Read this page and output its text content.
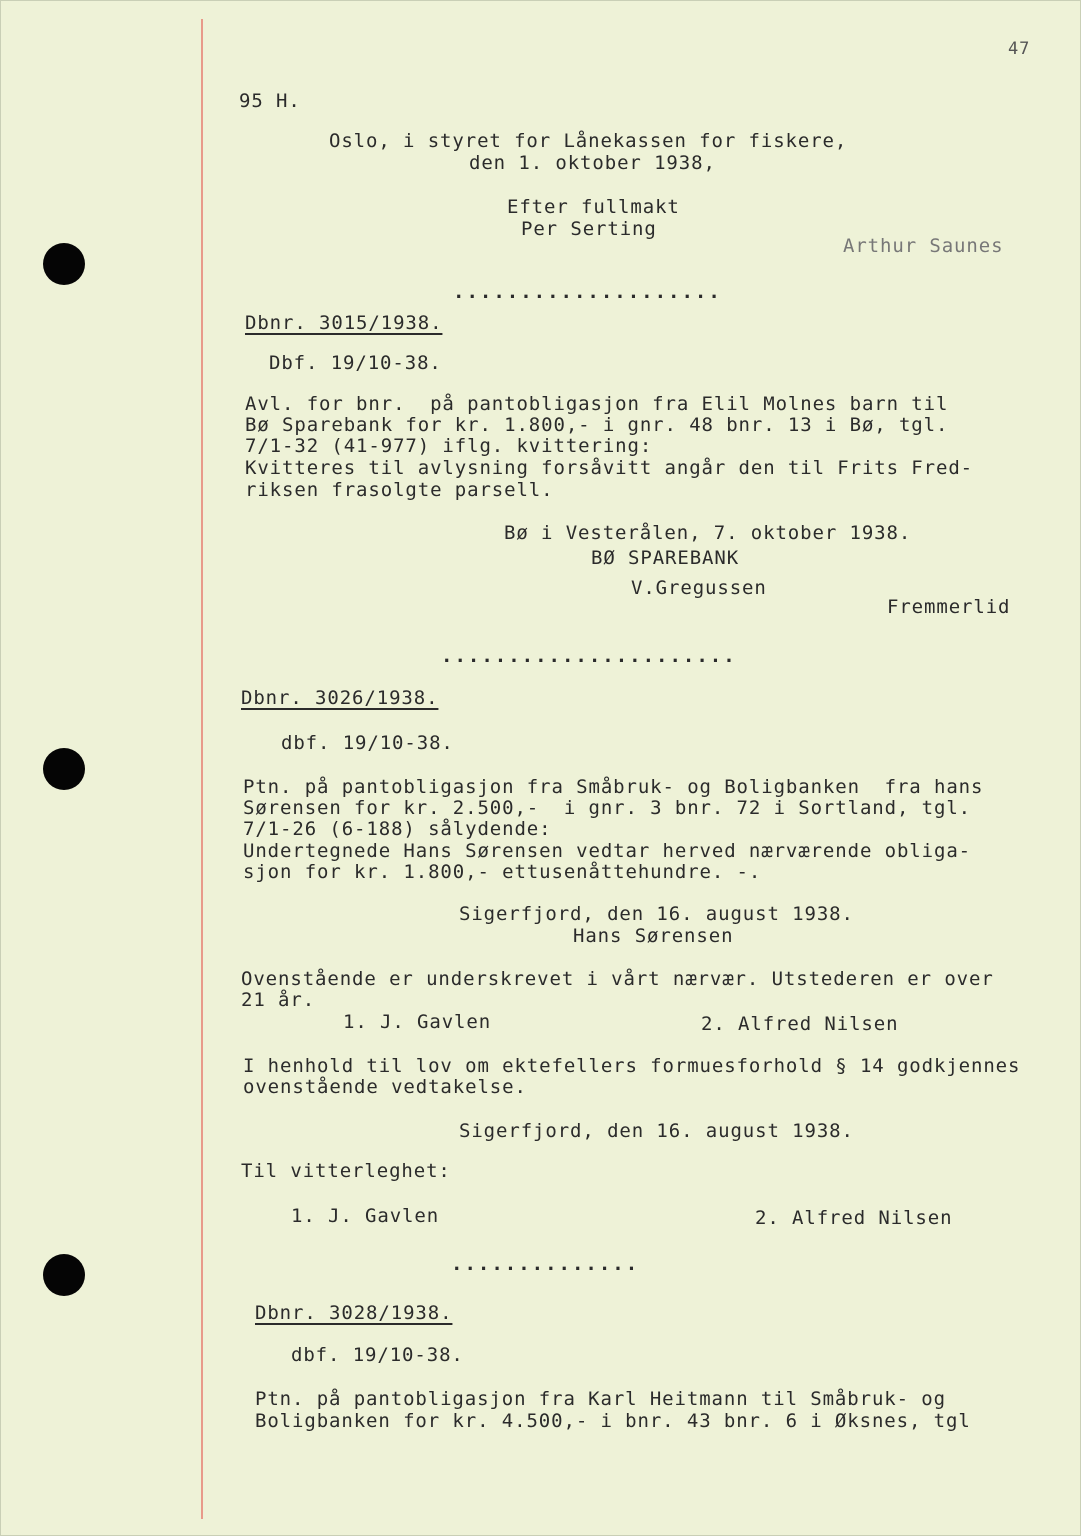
47
95 H.
Oslo, i styret for Lånekassen for fiskere,
den 1. oktober 1938,
Efter fullmakt
Per Serting
Arthur Saunes
....................
Dbnr. 3015/1938.
Dbf. 19/10-38.
Avl. for bnr.  på pantobligasjon fra Elil Molnes barn til
Bø Sparebank for kr. 1.800,- i gnr. 48 bnr. 13 i Bø, tgl.
7/1-32 (41-977) iflg. kvittering:
Kvitteres til avlysning forsåvitt angår den til Frits Fred-
riksen frasolgte parsell.
Bø i Vesterålen, 7. oktober 1938.
BØ SPAREBANK
V.Gregussen
Fremmerlid
......................
Dbnr. 3026/1938.
dbf. 19/10-38.
Ptn. på pantobligasjon fra Småbruk- og Boligbanken  fra hans
Sørensen for kr. 2.500,-  i gnr. 3 bnr. 72 i Sortland, tgl.
7/1-26 (6-188) sålydende:
Undertegnede Hans Sørensen vedtar herved nærværende obliga-
sjon for kr. 1.800,- ettusenåttehundre. -.
Sigerfjord, den 16. august 1938.
Hans Sørensen
Ovenstående er underskrevet i vårt nærvær. Utstederen er over
21 år.
1. J. Gavlen	2. Alfred Nilsen
I henhold til lov om ektefellers formuesforhold § 14 godkjennes
ovenstående vedtakelse.
Sigerfjord, den 16. august 1938.
Til vitterleghet:
1. J. Gavlen	2. Alfred Nilsen
..............
Dbnr. 3028/1938.
dbf. 19/10-38.
Ptn. på pantobligasjon fra Karl Heitmann til Småbruk- og
Boligbanken for kr. 4.500,- i bnr. 43 bnr. 6 i Øksnes, tgl
